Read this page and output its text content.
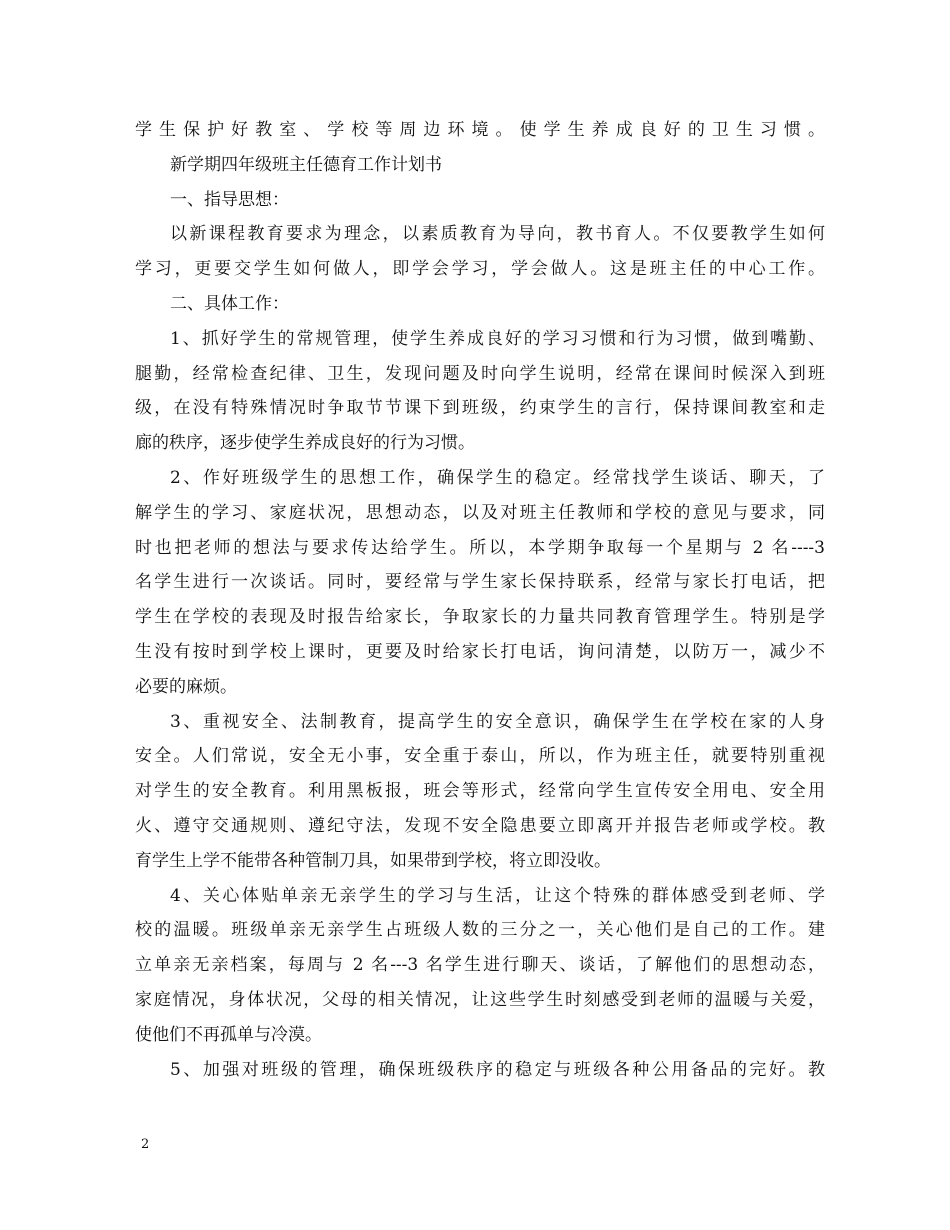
学生保护好教室、学校等周边环境。使学生养成良好的卫生习惯。
新学期四年级班主任德育工作计划书
一、指导思想：
以新课程教育要求为理念，以素质教育为导向，教书育人。不仅要教学生如何
学习，更要交学生如何做人，即学会学习，学会做人。这是班主任的中心工作。
二、具体工作：
1、抓好学生的常规管理，使学生养成良好的学习习惯和行为习惯，做到嘴勤、
腿勤，经常检查纪律、卫生，发现问题及时向学生说明，经常在课间时候深入到班
级，在没有特殊情况时争取节节课下到班级，约束学生的言行，保持课间教室和走
廊的秩序，逐步使学生养成良好的行为习惯。
2、作好班级学生的思想工作，确保学生的稳定。经常找学生谈话、聊天，了
解学生的学习、家庭状况，思想动态，以及对班主任教师和学校的意见与要求，同
时也把老师的想法与要求传达给学生。所以，本学期争取每一个星期与 2 名----3
名学生进行一次谈话。同时，要经常与学生家长保持联系，经常与家长打电话，把
学生在学校的表现及时报告给家长，争取家长的力量共同教育管理学生。特别是学
生没有按时到学校上课时，更要及时给家长打电话，询问清楚，以防万一，减少不
必要的麻烦。
3、重视安全、法制教育，提高学生的安全意识，确保学生在学校在家的人身
安全。人们常说，安全无小事，安全重于泰山，所以，作为班主任，就要特别重视
对学生的安全教育。利用黑板报，班会等形式，经常向学生宣传安全用电、安全用
火、遵守交通规则、遵纪守法，发现不安全隐患要立即离开并报告老师或学校。教
育学生上学不能带各种管制刀具，如果带到学校，将立即没收。
4、关心体贴单亲无亲学生的学习与生活，让这个特殊的群体感受到老师、学
校的温暖。班级单亲无亲学生占班级人数的三分之一，关心他们是自己的工作。建
立单亲无亲档案，每周与 2 名---3 名学生进行聊天、谈话，了解他们的思想动态，
家庭情况，身体状况，父母的相关情况，让这些学生时刻感受到老师的温暖与关爱，
使他们不再孤单与冷漠。
5、加强对班级的管理，确保班级秩序的稳定与班级各种公用备品的完好。教
2
